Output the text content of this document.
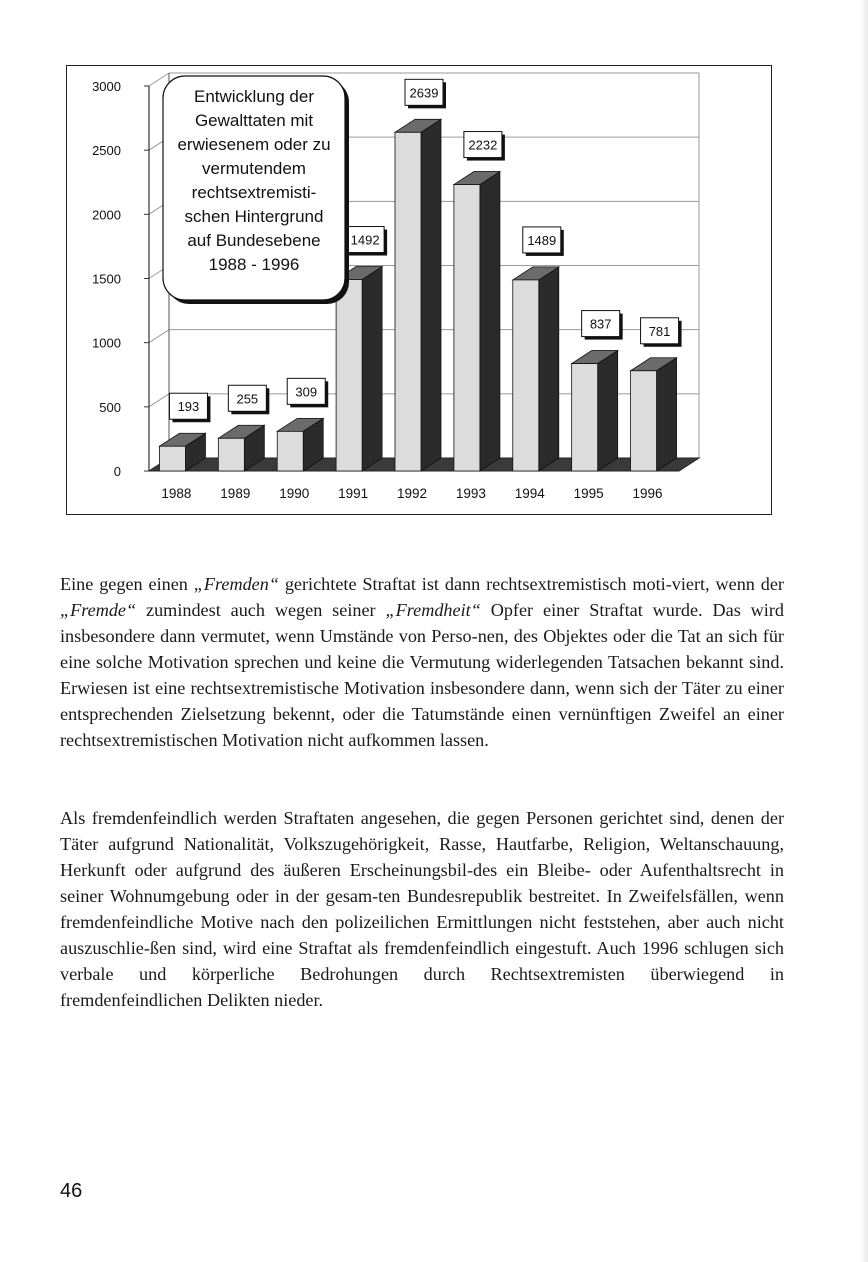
0
500
1000
1500
2000
2500
3000
193
1988
255
1989
309
1990
1492
1991
2639
1992
2232
1993
1489
1994
837
1995
781
1996
Entwicklung der
Gewalttaten mit
erwiesenem oder zu
vermutendem
rechtsextremisti-
schen Hintergrund
auf Bundesebene
1988 - 1996

Eine gegen einen „Fremden“ gerichtete Straftat ist dann rechtsextremistisch moti-viert, wenn der „Fremde“ zumindest auch wegen seiner „Fremdheit“ Opfer einer Straftat wurde. Das wird insbesondere dann vermutet, wenn Umstände von Perso-nen, des Objektes oder die Tat an sich für eine solche Motivation sprechen und keine die Vermutung widerlegenden Tatsachen bekannt sind. Erwiesen ist eine rechtsextremistische Motivation insbesondere dann, wenn sich der Täter zu einer entsprechenden Zielsetzung bekennt, oder die Tatumstände einen vernünftigen Zweifel an einer rechtsextremistischen Motivation nicht aufkommen lassen.

Als fremdenfeindlich werden Straftaten angesehen, die gegen Personen gerichtet sind, denen der Täter aufgrund Nationalität, Volkszugehörigkeit, Rasse, Hautfarbe, Religion, Weltanschauung, Herkunft oder aufgrund des äußeren Erscheinungsbil-des ein Bleibe- oder Aufenthaltsrecht in seiner Wohnumgebung oder in der gesam-ten Bundesrepublik bestreitet. In Zweifelsfällen, wenn fremdenfeindliche Motive nach den polizeilichen Ermittlungen nicht feststehen, aber auch nicht auszuschlie-ßen sind, wird eine Straftat als fremdenfeindlich eingestuft. Auch 1996 schlugen sich verbale und körperliche Bedrohungen durch Rechtsextremisten überwiegend in fremdenfeindlichen Delikten nieder.

46
